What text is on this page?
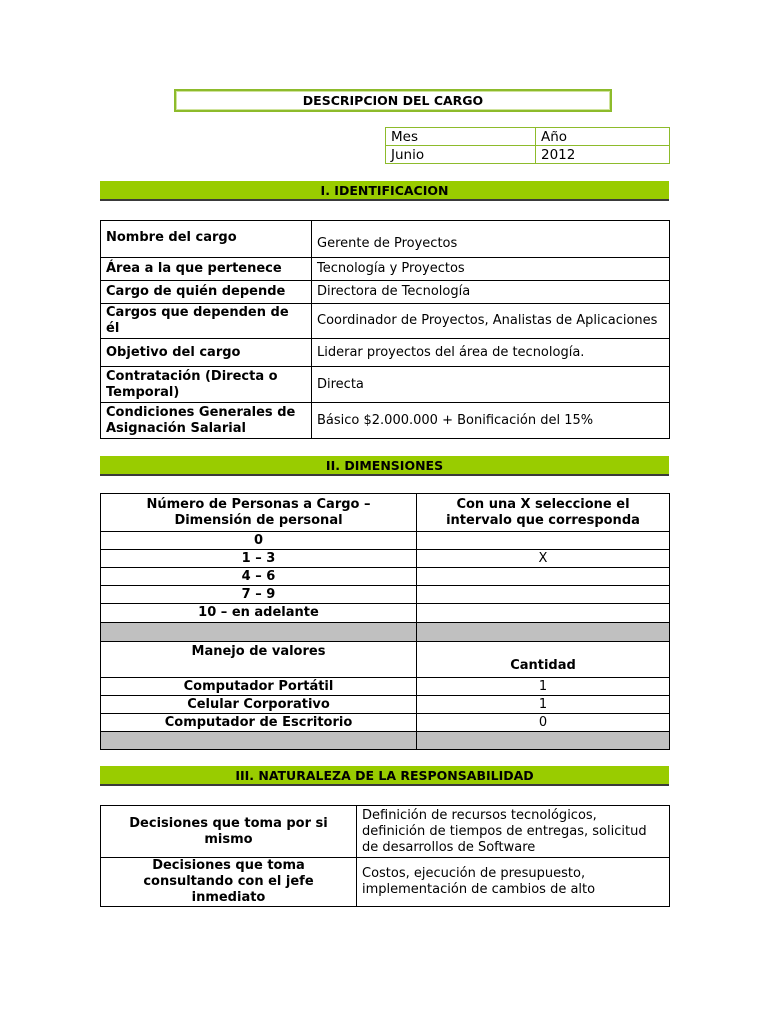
DESCRIPCION DEL CARGO
Mes	Año
Junio	2012
I. IDENTIFICACION
Nombre del cargo	Gerente de Proyectos
Área a la que pertenece	Tecnología y Proyectos
Cargo de quién depende	Directora de Tecnología
Cargos que dependen de él	Coordinador de Proyectos, Analistas de Aplicaciones
Objetivo del cargo	Liderar proyectos del área de tecnología.
Contratación (Directa o Temporal)	Directa
Condiciones Generales de Asignación Salarial	Básico $2.000.000 + Bonificación del 15%
II. DIMENSIONES
Número de Personas a Cargo – Dimensión de personal	Con una X seleccione el intervalo que corresponda
0	
1 – 3	X
4 – 6	
7 – 9	
10 – en adelante	

Manejo de valores	Cantidad
Computador Portátil	1
Celular Corporativo	1
Computador de Escritorio	0

III. NATURALEZA DE LA RESPONSABILIDAD
Decisiones que toma por si mismo	Definición de recursos tecnológicos, definición de tiempos de entregas, solicitud de desarrollos de Software
Decisiones que toma consultando con el jefe inmediato	Costos, ejecución de presupuesto, implementación de cambios de alto
